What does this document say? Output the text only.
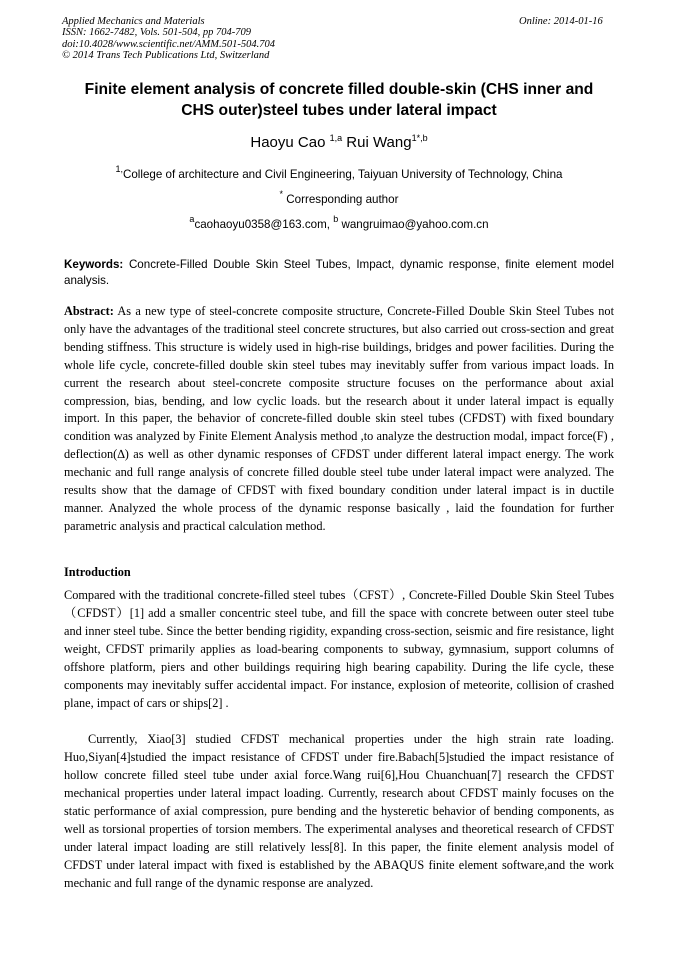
Applied Mechanics and Materials
ISSN: 1662-7482, Vols. 501-504, pp 704-709
doi:10.4028/www.scientific.net/AMM.501-504.704
© 2014 Trans Tech Publications Ltd, Switzerland
Online: 2014-01-16
Finite element analysis of concrete filled double-skin (CHS inner and
CHS outer)steel tubes under lateral impact
Haoyu Cao $^{1,a}$ Rui Wang$^{1*,b}$
$^{1,}$College of architecture and Civil Engineering, Taiyuan University of Technology, China
* Corresponding author
$^a$caohaoyu0358@163.com, $^b$ wangruimao@yahoo.com.cn
Keywords: Concrete-Filled Double Skin Steel Tubes, Impact, dynamic response, finite element model analysis.
Abstract: As a new type of steel-concrete composite structure, Concrete-Filled Double Skin Steel Tubes not only have the advantages of the traditional steel concrete structures, but also carried out cross-section and great bending stiffness. This structure is widely used in high-rise buildings, bridges and power facilities. During the whole life cycle, concrete-filled double skin steel tubes may inevitably suffer from various impact loads. In current the research about steel-concrete composite structure focuses on the performance about axial compression, bias, bending, and low cyclic loads. but the research about it under lateral impact is equally import. In this paper, the behavior of concrete-filled double skin steel tubes (CFDST) with fixed boundary condition was analyzed by Finite Element Analysis method ,to analyze the destruction modal, impact force(F) , deflection(∆) as well as other dynamic responses of CFDST under different lateral impact energy. The work mechanic and full range analysis of concrete filled double steel tube under lateral impact were analyzed. The results show that the damage of CFDST with fixed boundary condition under lateral impact is in ductile manner. Analyzed the whole process of the dynamic response basically , laid the foundation for further parametric analysis and practical calculation method.
Introduction

Compared with the traditional concrete-filled steel tubes（CFST）, Concrete-Filled Double Skin Steel Tubes（CFDST）[1] add a smaller concentric steel tube, and fill the space with concrete between outer steel tube and inner steel tube. Since the better bending rigidity, expanding cross-section, seismic and fire resistance, light weight, CFDST primarily applies as load-bearing components to subway, gymnasium, support columns of offshore platform, piers and other buildings requiring high bearing capability. During the life cycle, these components may inevitably suffer accidental impact. For instance, explosion of meteorite, collision of crashed plane, impact of cars or ships[2] .

Currently, Xiao[3] studied CFDST mechanical properties under the high strain rate loading. Huo,Siyan[4]studied the impact resistance of CFDST under fire.Babach[5]studied the impact resistance of hollow concrete filled steel tube under axial force.Wang rui[6],Hou Chuanchuan[7] research the CFDST mechanical properties under lateral impact loading. Currently, research about CFDST mainly focuses on the static performance of axial compression, pure bending and the hysteretic behavior of bending components, as well as torsional properties of torsion members. The experimental analyses and theoretical research of CFDST under lateral impact loading are still relatively less[8]. In this paper, the finite element analysis model of CFDST under lateral impact with fixed is established by the ABAQUS finite element software,and the work mechanic and full range of the dynamic response are analyzed.
